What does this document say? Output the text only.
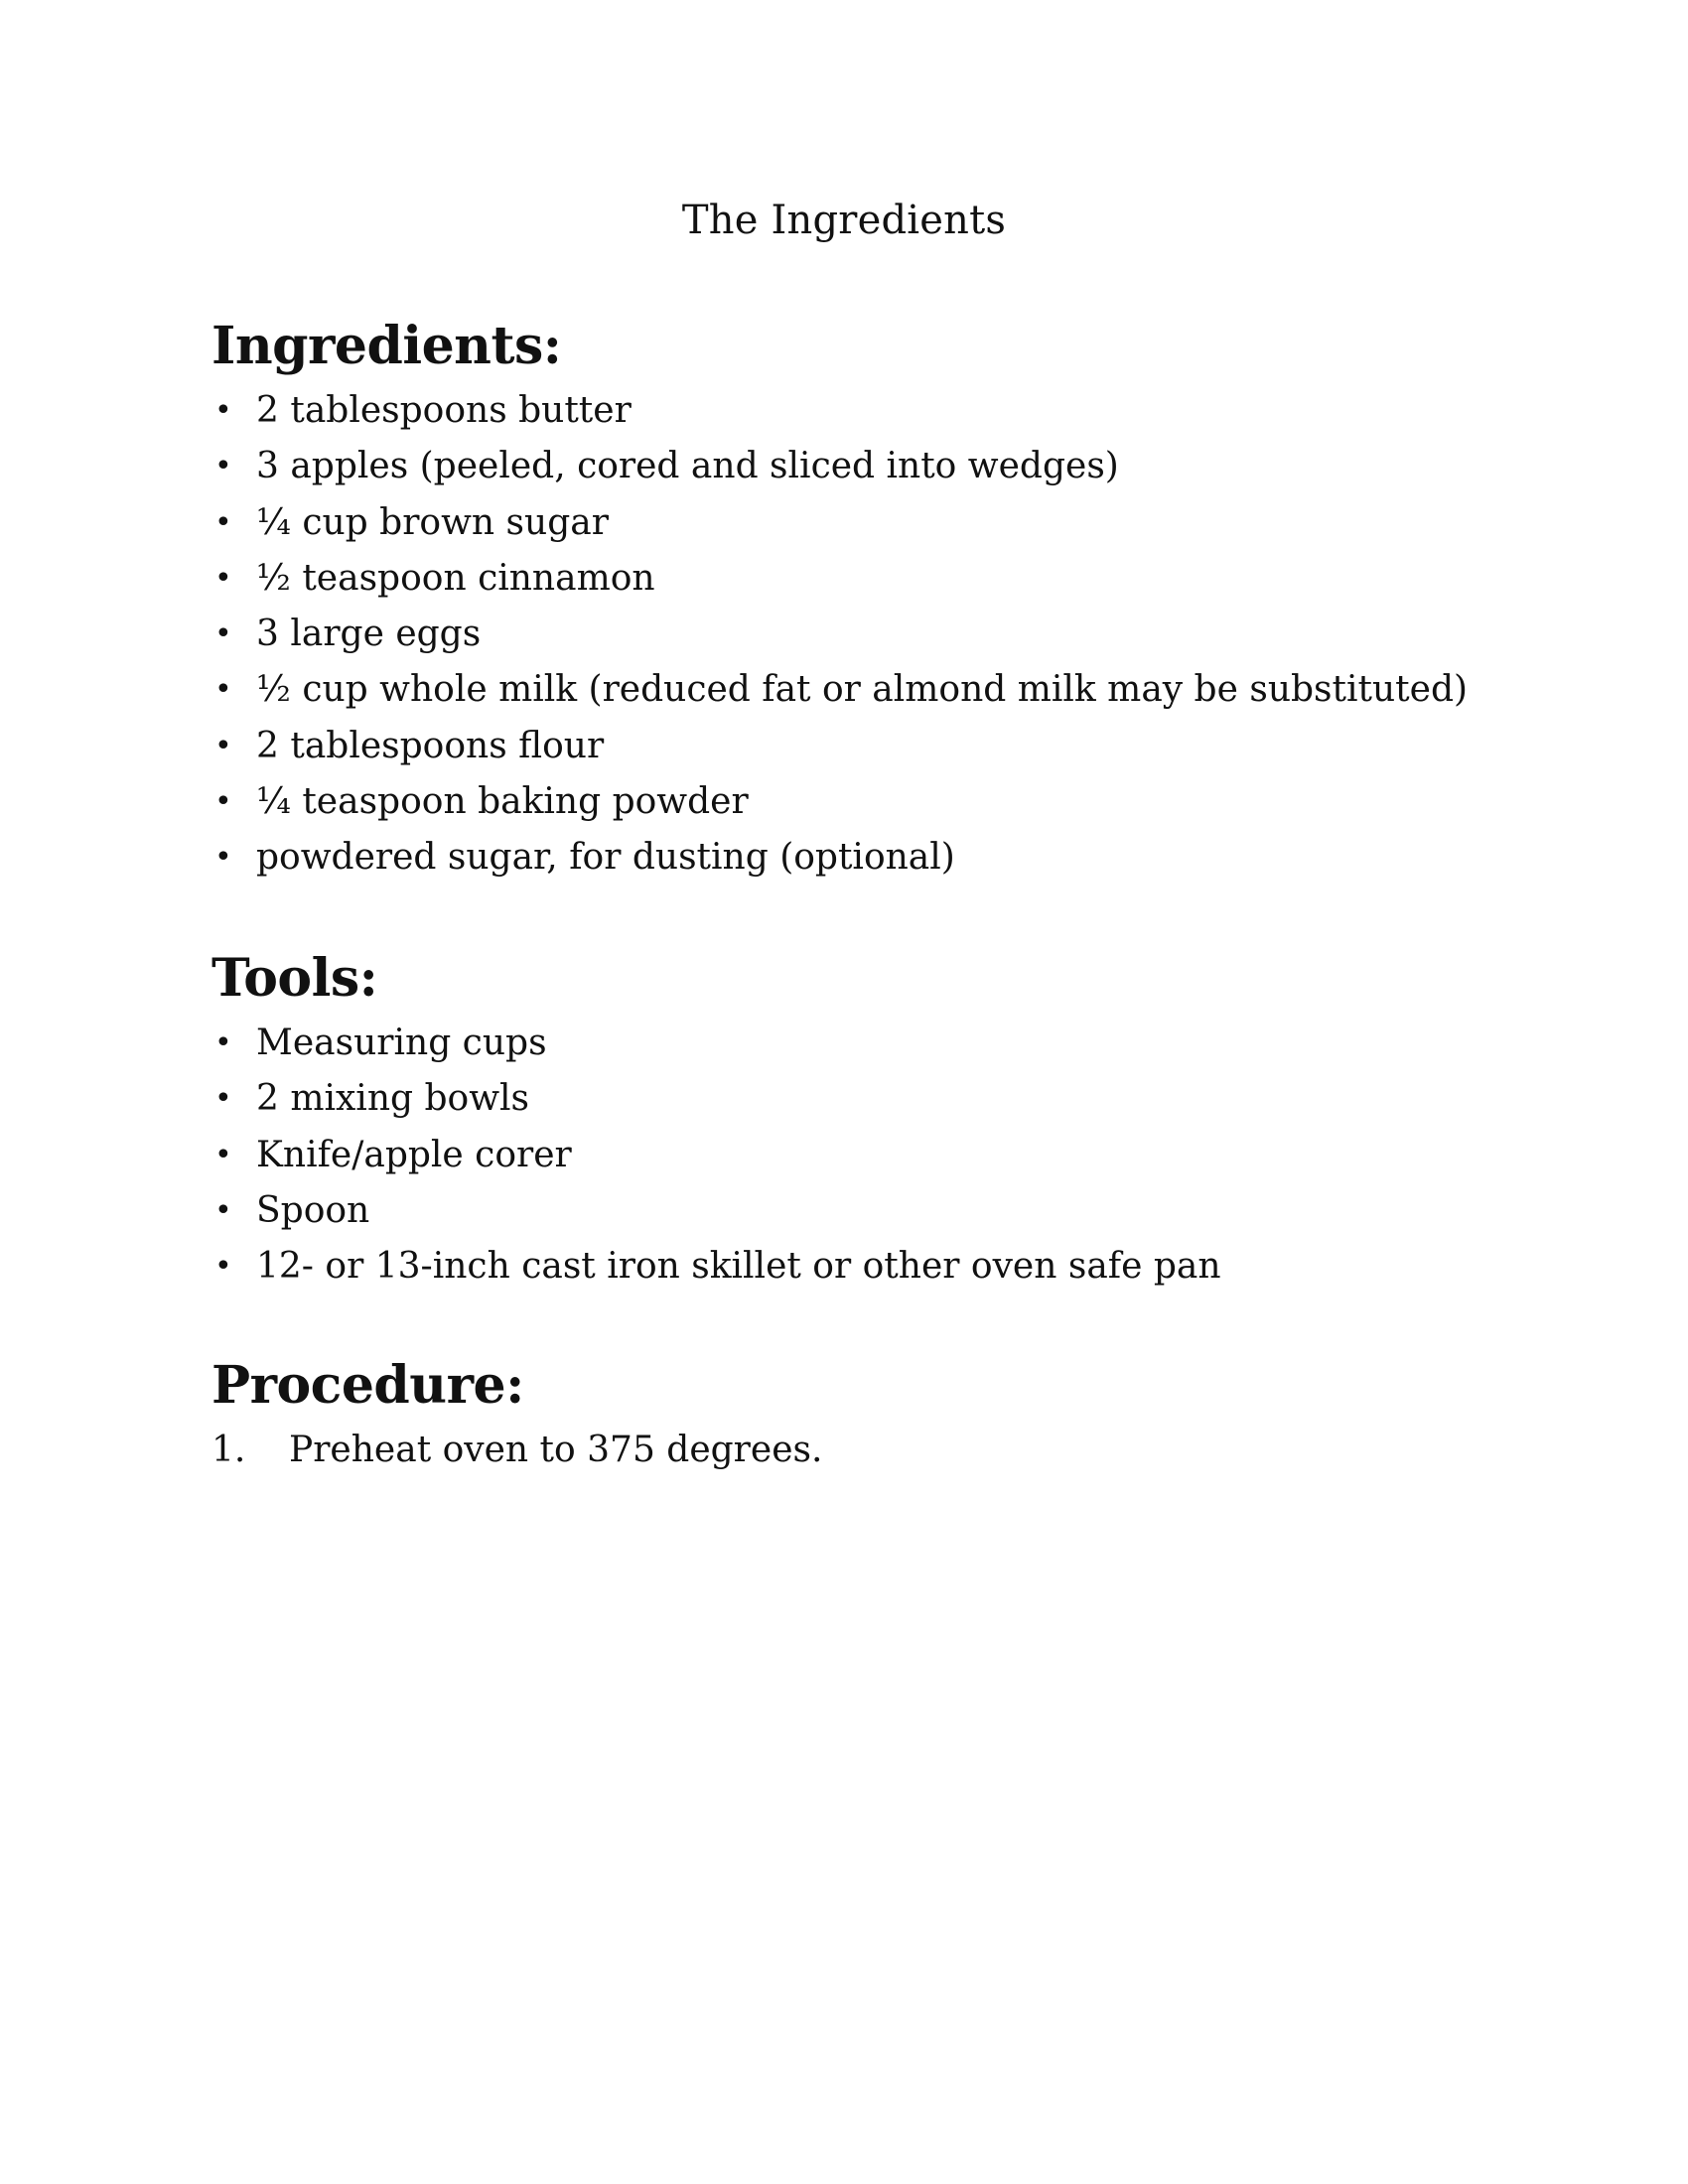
The Ingredients
Ingredients:
• 2 tablespoons butter
• 3 apples (peeled, cored and sliced into wedges)
• ¼ cup brown sugar
• ½ teaspoon cinnamon
• 3 large eggs
• ½ cup whole milk (reduced fat or almond milk may be substituted)
• 2 tablespoons flour
• ¼ teaspoon baking powder
• powdered sugar, for dusting (optional)
Tools:
• Measuring cups
• 2 mixing bowls
• Knife/apple corer
• Spoon
• 12- or 13-inch cast iron skillet or other oven safe pan
Procedure:
1. Preheat oven to 375 degrees.
